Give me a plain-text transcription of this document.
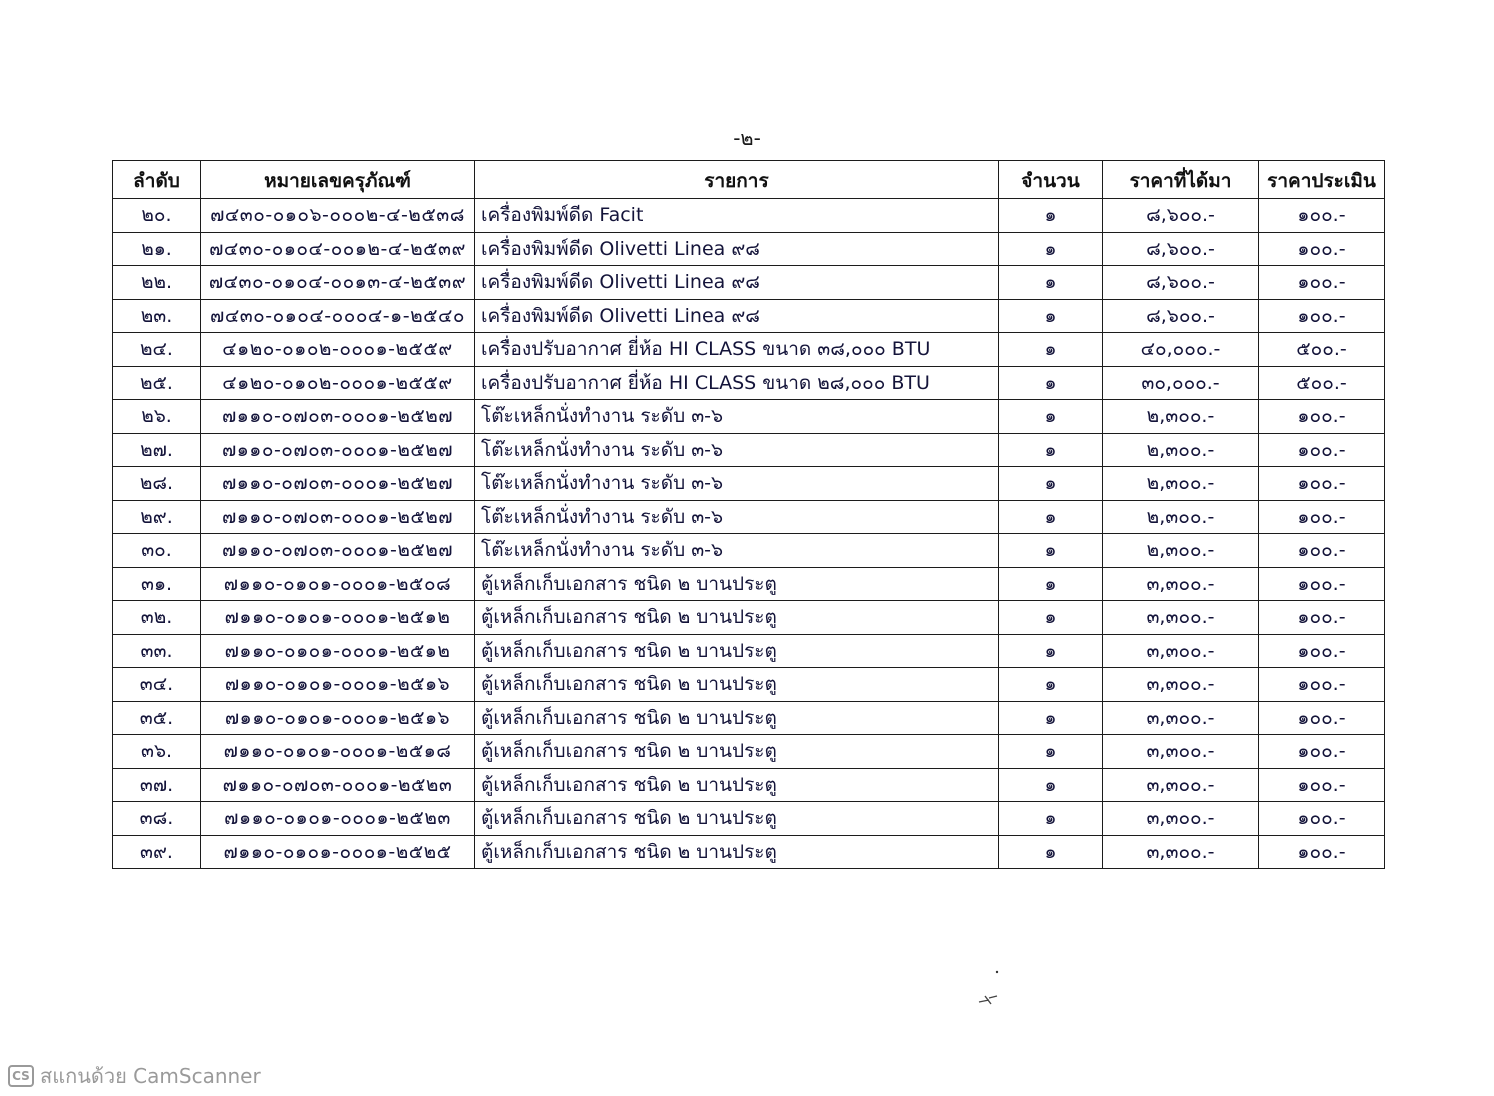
-๒-
ลำดับ	หมายเลขครุภัณฑ์	รายการ	จำนวน	ราคาที่ได้มา	ราคาประเมิน
๒๐.	๗๔๓๐-๐๑๐๖-๐๐๐๒-๔-๒๕๓๘	เครื่องพิมพ์ดีด Facit	๑	๘,๖๐๐.-	๑๐๐.-
๒๑.	๗๔๓๐-๐๑๐๔-๐๐๑๒-๔-๒๕๓๙	เครื่องพิมพ์ดีด Olivetti Linea ๙๘	๑	๘,๖๐๐.-	๑๐๐.-
๒๒.	๗๔๓๐-๐๑๐๔-๐๐๑๓-๔-๒๕๓๙	เครื่องพิมพ์ดีด Olivetti Linea ๙๘	๑	๘,๖๐๐.-	๑๐๐.-
๒๓.	๗๔๓๐-๐๑๐๔-๐๐๐๔-๑-๒๕๔๐	เครื่องพิมพ์ดีด Olivetti Linea ๙๘	๑	๘,๖๐๐.-	๑๐๐.-
๒๔.	๔๑๒๐-๐๑๐๒-๐๐๐๑-๒๕๕๙	เครื่องปรับอากาศ ยี่ห้อ HI CLASS ขนาด ๓๘,๐๐๐ BTU	๑	๔๐,๐๐๐.-	๕๐๐.-
๒๕.	๔๑๒๐-๐๑๐๒-๐๐๐๑-๒๕๕๙	เครื่องปรับอากาศ ยี่ห้อ HI CLASS ขนาด ๒๘,๐๐๐ BTU	๑	๓๐,๐๐๐.-	๕๐๐.-
๒๖.	๗๑๑๐-๐๗๐๓-๐๐๐๑-๒๕๒๗	โต๊ะเหล็กนั่งทำงาน ระดับ ๓-๖	๑	๒,๓๐๐.-	๑๐๐.-
๒๗.	๗๑๑๐-๐๗๐๓-๐๐๐๑-๒๕๒๗	โต๊ะเหล็กนั่งทำงาน ระดับ ๓-๖	๑	๒,๓๐๐.-	๑๐๐.-
๒๘.	๗๑๑๐-๐๗๐๓-๐๐๐๑-๒๕๒๗	โต๊ะเหล็กนั่งทำงาน ระดับ ๓-๖	๑	๒,๓๐๐.-	๑๐๐.-
๒๙.	๗๑๑๐-๐๗๐๓-๐๐๐๑-๒๕๒๗	โต๊ะเหล็กนั่งทำงาน ระดับ ๓-๖	๑	๒,๓๐๐.-	๑๐๐.-
๓๐.	๗๑๑๐-๐๗๐๓-๐๐๐๑-๒๕๒๗	โต๊ะเหล็กนั่งทำงาน ระดับ ๓-๖	๑	๒,๓๐๐.-	๑๐๐.-
๓๑.	๗๑๑๐-๐๑๐๑-๐๐๐๑-๒๕๐๘	ตู้เหล็กเก็บเอกสาร ชนิด ๒ บานประตู	๑	๓,๓๐๐.-	๑๐๐.-
๓๒.	๗๑๑๐-๐๑๐๑-๐๐๐๑-๒๕๑๒	ตู้เหล็กเก็บเอกสาร ชนิด ๒ บานประตู	๑	๓,๓๐๐.-	๑๐๐.-
๓๓.	๗๑๑๐-๐๑๐๑-๐๐๐๑-๒๕๑๒	ตู้เหล็กเก็บเอกสาร ชนิด ๒ บานประตู	๑	๓,๓๐๐.-	๑๐๐.-
๓๔.	๗๑๑๐-๐๑๐๑-๐๐๐๑-๒๕๑๖	ตู้เหล็กเก็บเอกสาร ชนิด ๒ บานประตู	๑	๓,๓๐๐.-	๑๐๐.-
๓๕.	๗๑๑๐-๐๑๐๑-๐๐๐๑-๒๕๑๖	ตู้เหล็กเก็บเอกสาร ชนิด ๒ บานประตู	๑	๓,๓๐๐.-	๑๐๐.-
๓๖.	๗๑๑๐-๐๑๐๑-๐๐๐๑-๒๕๑๘	ตู้เหล็กเก็บเอกสาร ชนิด ๒ บานประตู	๑	๓,๓๐๐.-	๑๐๐.-
๓๗.	๗๑๑๐-๐๗๐๓-๐๐๐๑-๒๕๒๓	ตู้เหล็กเก็บเอกสาร ชนิด ๒ บานประตู	๑	๓,๓๐๐.-	๑๐๐.-
๓๘.	๗๑๑๐-๐๑๐๑-๐๐๐๑-๒๕๒๓	ตู้เหล็กเก็บเอกสาร ชนิด ๒ บานประตู	๑	๓,๓๐๐.-	๑๐๐.-
๓๙.	๗๑๑๐-๐๑๐๑-๐๐๐๑-๒๕๒๕	ตู้เหล็กเก็บเอกสาร ชนิด ๒ บานประตู	๑	๓,๓๐๐.-	๑๐๐.-
CS สแกนด้วย CamScanner
